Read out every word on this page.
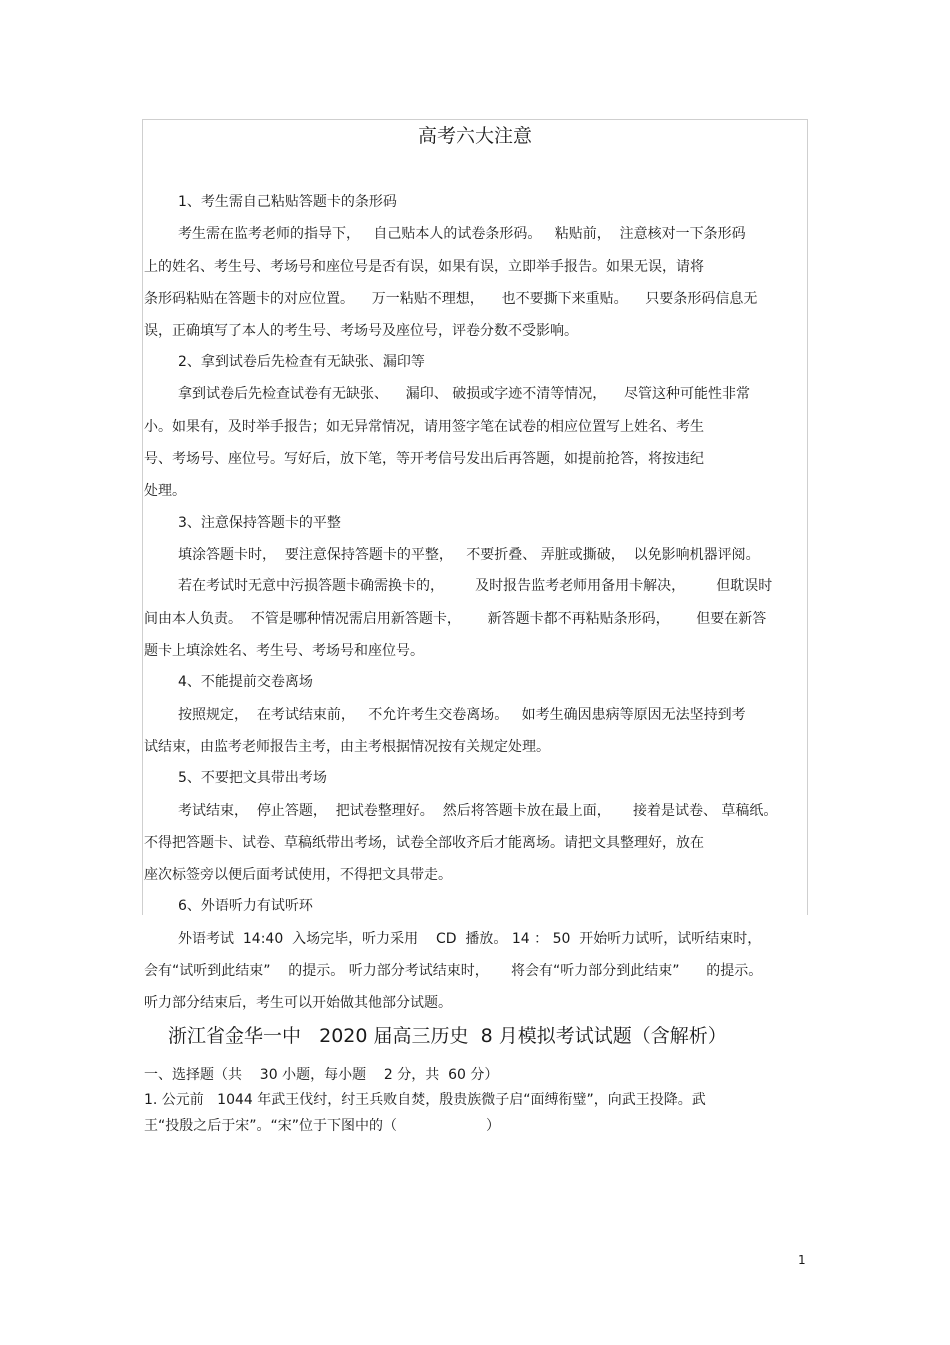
高考六大注意
1、考生需自己粘贴答题卡的条形码
考生需在监考老师的指导下，   自己贴本人的试卷条形码。   粘贴前，  注意核对一下条形码
上的姓名、考生号、考场号和座位号是否有误，如果有误，立即举手报告。如果无误，请将
条形码粘贴在答题卡的对应位置。    万一粘贴不理想，    也不要撕下来重贴。    只要条形码信息无
误，正确填写了本人的考生号、考场号及座位号，评卷分数不受影响。
2、拿到试卷后先检查有无缺张、漏印等
拿到试卷后先检查试卷有无缺张、    漏印、 破损或字迹不清等情况，    尽管这种可能性非常
小。如果有，及时举手报告；如无异常情况，请用签字笔在试卷的相应位置写上姓名、考生
号、考场号、座位号。写好后，放下笔，等开考信号发出后再答题，如提前抢答，将按违纪
处理。
3、注意保持答题卡的平整
填涂答题卡时，  要注意保持答题卡的平整，   不要折叠、 弄脏或撕破，  以免影响机器评阅。
若在考试时无意中污损答题卡确需换卡的，       及时报告监考老师用备用卡解决，       但耽误时
间由本人负责。  不管是哪种情况需启用新答题卡，      新答题卡都不再粘贴条形码，      但要在新答
题卡上填涂姓名、考生号、考场号和座位号。
4、不能提前交卷离场
按照规定，  在考试结束前，   不允许考生交卷离场。   如考生确因患病等原因无法坚持到考
试结束，由监考老师报告主考，由主考根据情况按有关规定处理。
5、不要把文具带出考场
考试结束，  停止答题，  把试卷整理好。  然后将答题卡放在最上面，     接着是试卷、 草稿纸。
不得把答题卡、试卷、草稿纸带出考场，试卷全部收齐后才能离场。请把文具整理好，放在
座次标签旁以便后面考试使用，不得把文具带走。
6、外语听力有试听环
外语考试  14:40  入场完毕，听力采用    CD  播放。 14 ： 50  开始听力试听，试听结束时，
会有“试听到此结束”    的提示。 听力部分考试结束时，     将会有“听力部分到此结束”      的提示。
听力部分结束后，考生可以开始做其他部分试题。
浙江省金华一中   2020 届高三历史  8 月模拟考试试题（含解析）
一、选择题（共    30 小题，每小题    2 分，共  60 分）
1. 公元前   1044 年武王伐纣，纣王兵败自焚，殷贵族微子启“面缚衔璧”，向武王投降。武
王“投殷之后于宋”。“宋”位于下图中的（                    ）
1
